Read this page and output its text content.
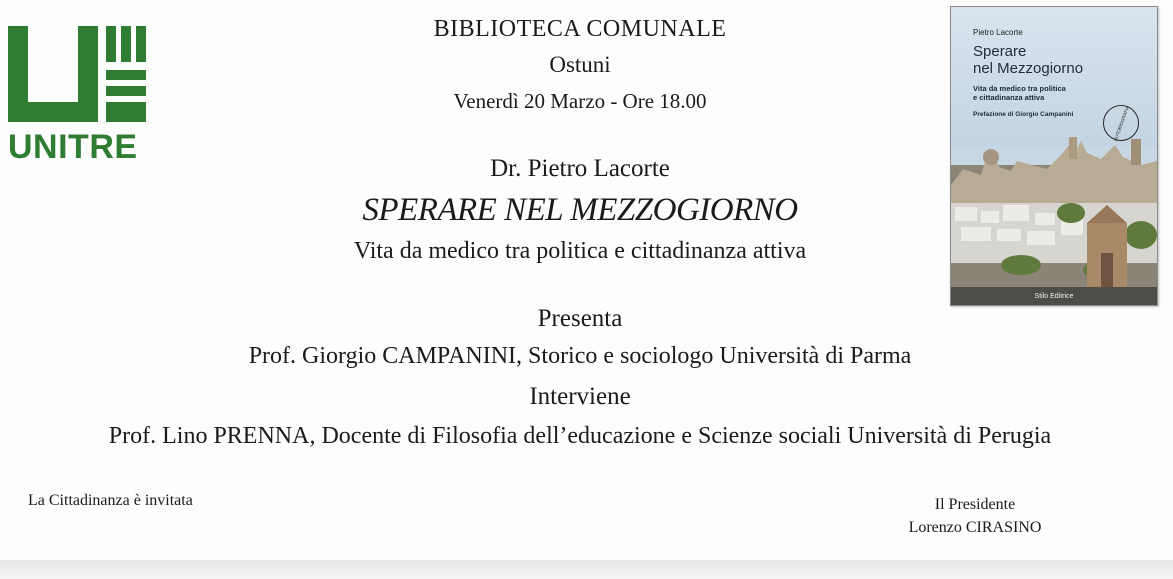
UNITRE
BIBLIOTECA COMUNALE
Ostuni
Venerdì 20 Marzo - Ore 18.00
Dr. Pietro Lacorte
SPERARE NEL MEZZOGIORNO
Vita da medico tra politica e cittadinanza attiva
Presenta
Prof. Giorgio CAMPANINI, Storico e sociologo Università di Parma
Interviene
Prof. Lino PRENNA, Docente di Filosofia dell’educazione e Scienze sociali Università di Perugia
La Cittadinanza è invitata	Il Presidente
Lorenzo CIRASINO
Pietro Lacorte
Sperare
nel Mezzogiorno
Vita da medico tra politica
e cittadinanza attiva
Prefazione di Giorgio Campanini	AUTOBIOGRAFIA
Stilo Editrice
